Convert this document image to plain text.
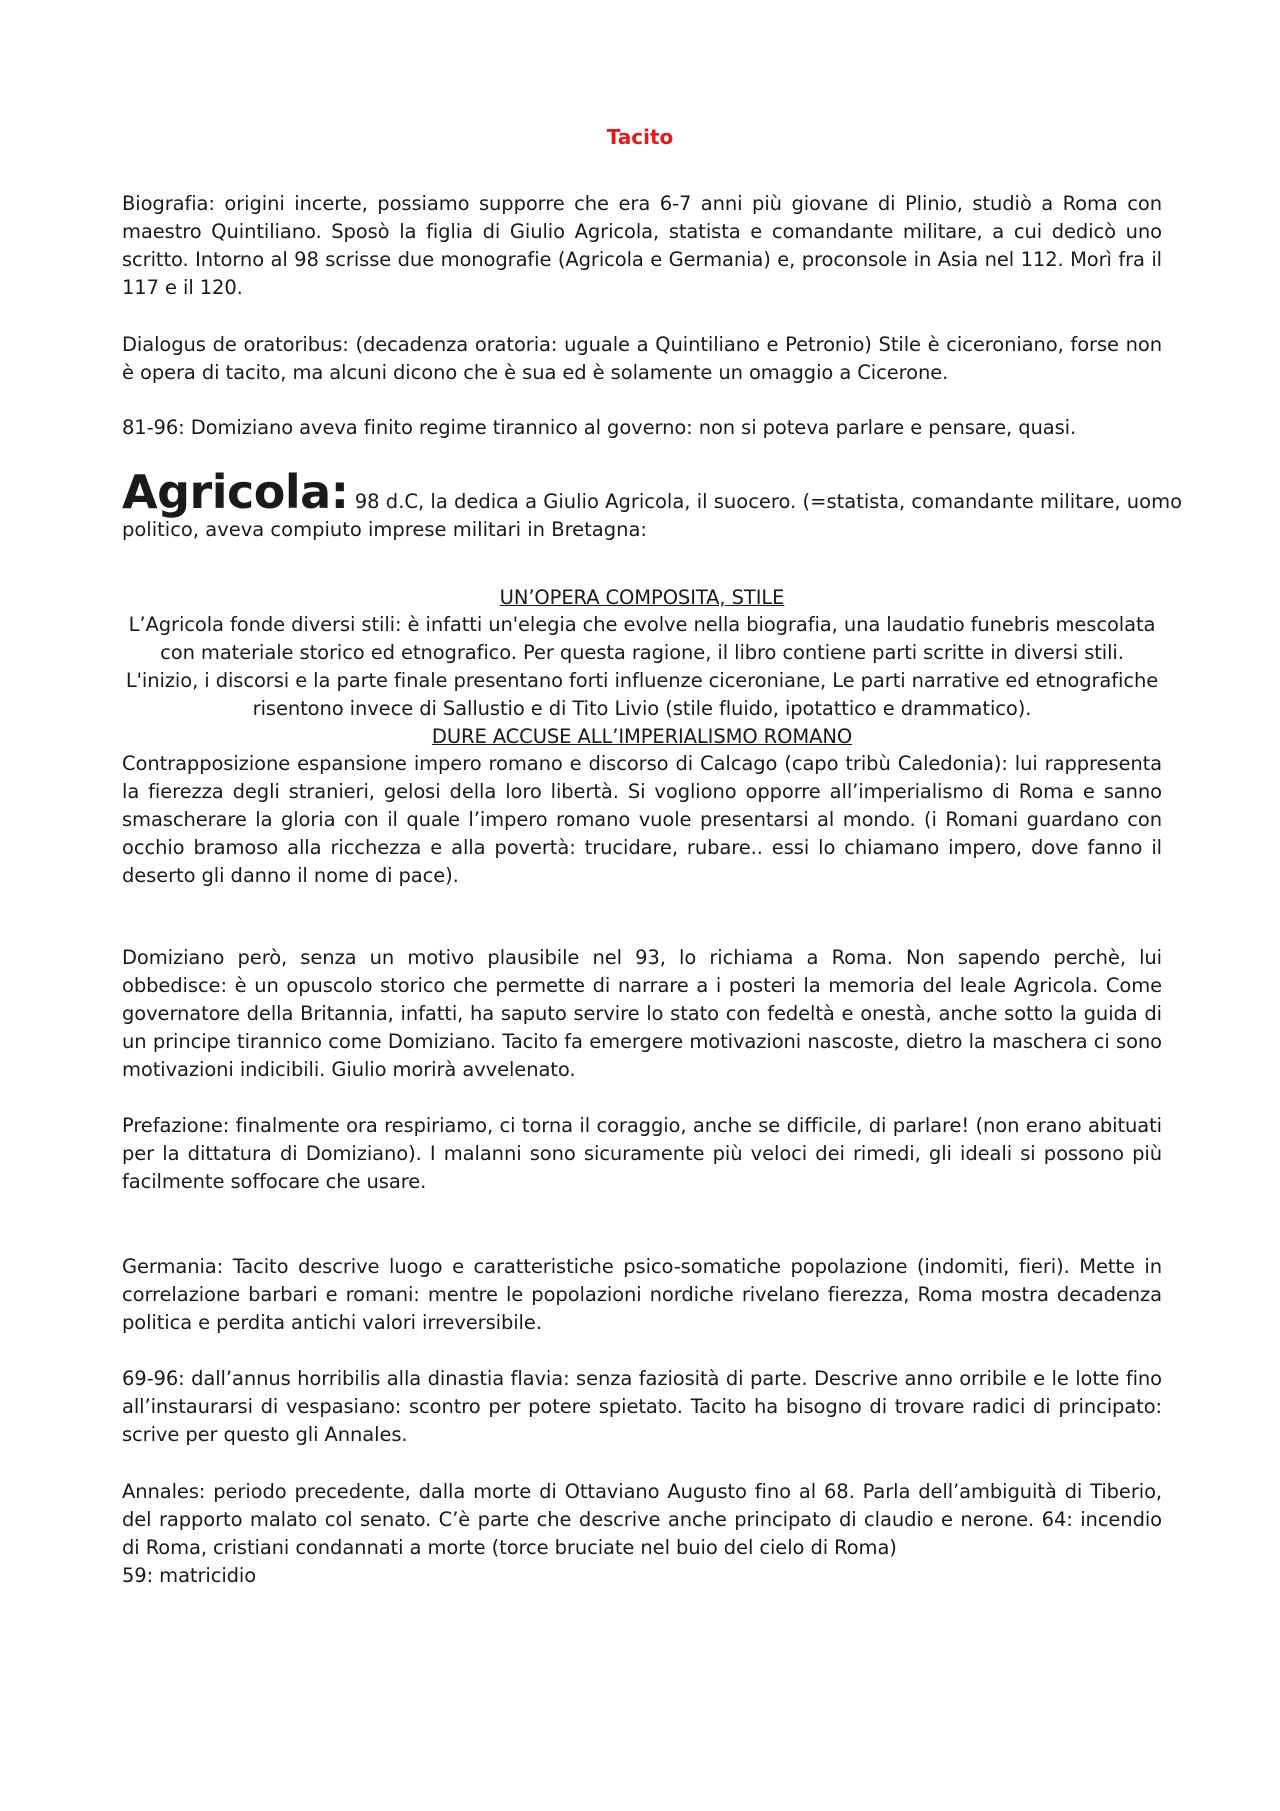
Tacito

Biografia: origini incerte, possiamo supporre che era 6-7 anni più giovane di Plinio, studiò a Roma con maestro Quintiliano. Sposò la figlia di Giulio Agricola, statista e comandante militare, a cui dedicò uno scritto. Intorno al 98 scrisse due monografie (Agricola e Germania) e, proconsole in Asia nel 112. Morì fra il 117 e il 120.

Dialogus de oratoribus: (decadenza oratoria: uguale a Quintiliano e Petronio) Stile è ciceroniano, forse non è opera di tacito, ma alcuni dicono che è sua ed è solamente un omaggio a Cicerone.

81-96: Domiziano aveva finito regime tirannico al governo: non si poteva parlare e pensare, quasi.

Agricola: 98 d.C, la dedica a Giulio Agricola, il suocero. (=statista, comandante militare, uomo politico, aveva compiuto imprese militari in Bretagna:
UN’OPERA COMPOSITA, STILE

L’Agricola fonde diversi stili: è infatti un'elegia che evolve nella biografia, una laudatio funebris mescolata con materiale storico ed etnografico. Per questa ragione, il libro contiene parti scritte in diversi stili. L'inizio, i discorsi e la parte finale presentano forti influenze ciceroniane, Le parti narrative ed etnografiche risentono invece di Sallustio e di Tito Livio (stile fluido, ipotattico e drammatico).

DURE ACCUSE ALL’IMPERIALISMO ROMANO

Contrapposizione espansione impero romano e discorso di Calcago (capo tribù Caledonia): lui rappresenta la fierezza degli stranieri, gelosi della loro libertà. Si vogliono opporre all’imperialismo di Roma e sanno smascherare la gloria con il quale l’impero romano vuole presentarsi al mondo. (i Romani guardano con occhio bramoso alla ricchezza e alla povertà: trucidare, rubare.. essi lo chiamano impero, dove fanno il deserto gli danno il nome di pace).

Domiziano però, senza un motivo plausibile nel 93, lo richiama a Roma. Non sapendo perchè, lui obbedisce: è un opuscolo storico che permette di narrare a i posteri la memoria del leale Agricola. Come governatore della Britannia, infatti, ha saputo servire lo stato con fedeltà e onestà, anche sotto la guida di un principe tirannico come Domiziano. Tacito fa emergere motivazioni nascoste, dietro la maschera ci sono motivazioni indicibili. Giulio morirà avvelenato.

Prefazione: finalmente ora respiriamo, ci torna il coraggio, anche se difficile, di parlare! (non erano abituati per la dittatura di Domiziano). I malanni sono sicuramente più veloci dei rimedi, gli ideali si possono più facilmente soffocare che usare.

Germania: Tacito descrive luogo e caratteristiche psico-somatiche popolazione (indomiti, fieri). Mette in correlazione barbari e romani: mentre le popolazioni nordiche rivelano fierezza, Roma mostra decadenza politica e perdita antichi valori irreversibile.

69-96: dall’annus horribilis alla dinastia flavia: senza faziosità di parte. Descrive anno orribile e le lotte fino all’instaurarsi di vespasiano: scontro per potere spietato. Tacito ha bisogno di trovare radici di principato: scrive per questo gli Annales.

Annales: periodo precedente, dalla morte di Ottaviano Augusto fino al 68. Parla dell’ambiguità di Tiberio, del rapporto malato col senato. C’è parte che descrive anche principato di claudio e nerone. 64: incendio di Roma, cristiani condannati a morte (torce bruciate nel buio del cielo di Roma)

59: matricidio
